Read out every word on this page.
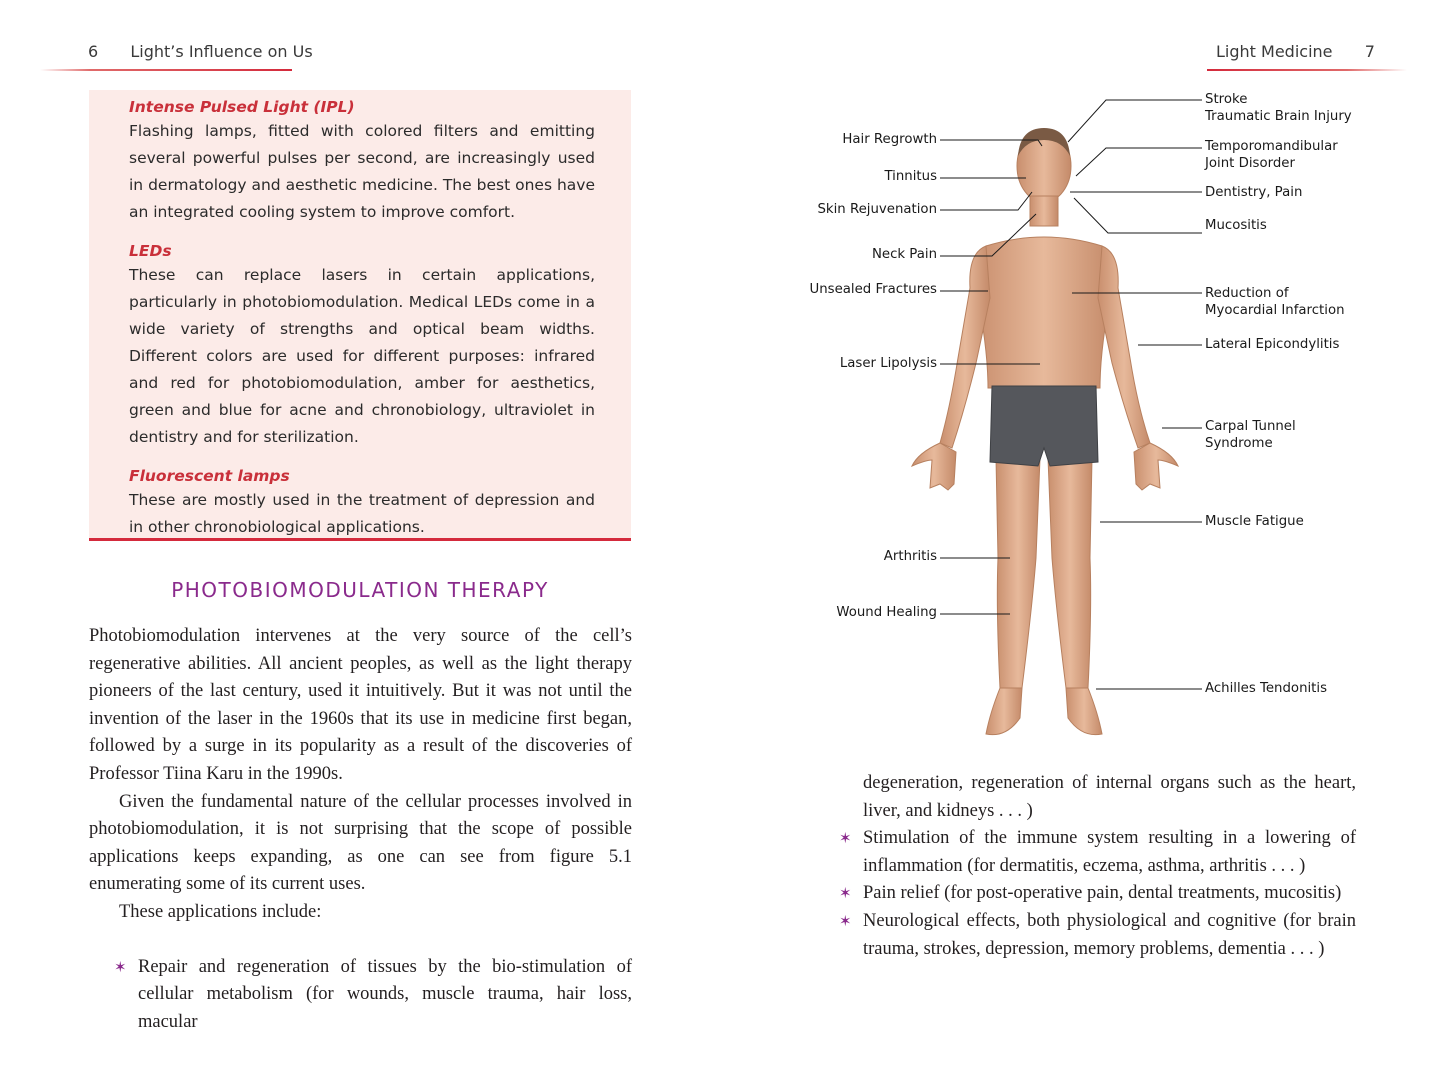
6 Light’s Influence on Us
Intense Pulsed Light (IPL)

Flashing lamps, fitted with colored filters and emitting several powerful pulses per second, are increasingly used in dermatology and aesthetic medicine. The best ones have an integrated cooling system to improve comfort.

LEDs

These can replace lasers in certain applications, particularly in photobiomodulation. Medical LEDs come in a wide variety of strengths and optical beam widths. Different colors are used for different purposes: infrared and red for photobiomodulation, amber for aesthetics, green and blue for acne and chronobiology, ultraviolet in dentistry and for sterilization.

Fluorescent lamps

These are mostly used in the treatment of depression and in other chronobiological applications.

PHOTOBIOMODULATION THERAPY

Photobiomodulation intervenes at the very source of the cell’s regenerative abilities. All ancient peoples, as well as the light therapy pioneers of the last century, used it intuitively. But it was not until the invention of the laser in the 1960s that its use in medicine first began, followed by a surge in its popularity as a result of the discoveries of Professor Tiina Karu in the 1990s.

Given the fundamental nature of the cellular processes involved in photobiomodulation, it is not surprising that the scope of possible applications keeps expanding, as one can see from figure 5.1 enumerating some of its current uses.

These applications include:

✶ Repair and regeneration of tissues by the bio-stimulation of cellular metabolism (for wounds, muscle trauma, hair loss, macular
Light Medicine 7
Hair Regrowth
Tinnitus
Skin Rejuvenation
Neck Pain
Unsealed Fractures
Laser Lipolysis
Arthritis
Wound Healing
Stroke
Traumatic Brain Injury
Temporomandibular
Joint Disorder
Dentistry, Pain
Mucositis
Reduction of
Myocardial Infarction
Lateral Epicondylitis
Carpal Tunnel
Syndrome
Muscle Fatigue
Achilles Tendonitis

degeneration, regeneration of internal organs such as the heart, liver, and kidneys . . . )

✶ Stimulation of the immune system resulting in a lowering of inflammation (for dermatitis, eczema, asthma, arthritis . . . )
✶ Pain relief (for post-operative pain, dental treatments, mucositis)
✶ Neurological effects, both physiological and cognitive (for brain trauma, strokes, depression, memory problems, dementia . . . )
